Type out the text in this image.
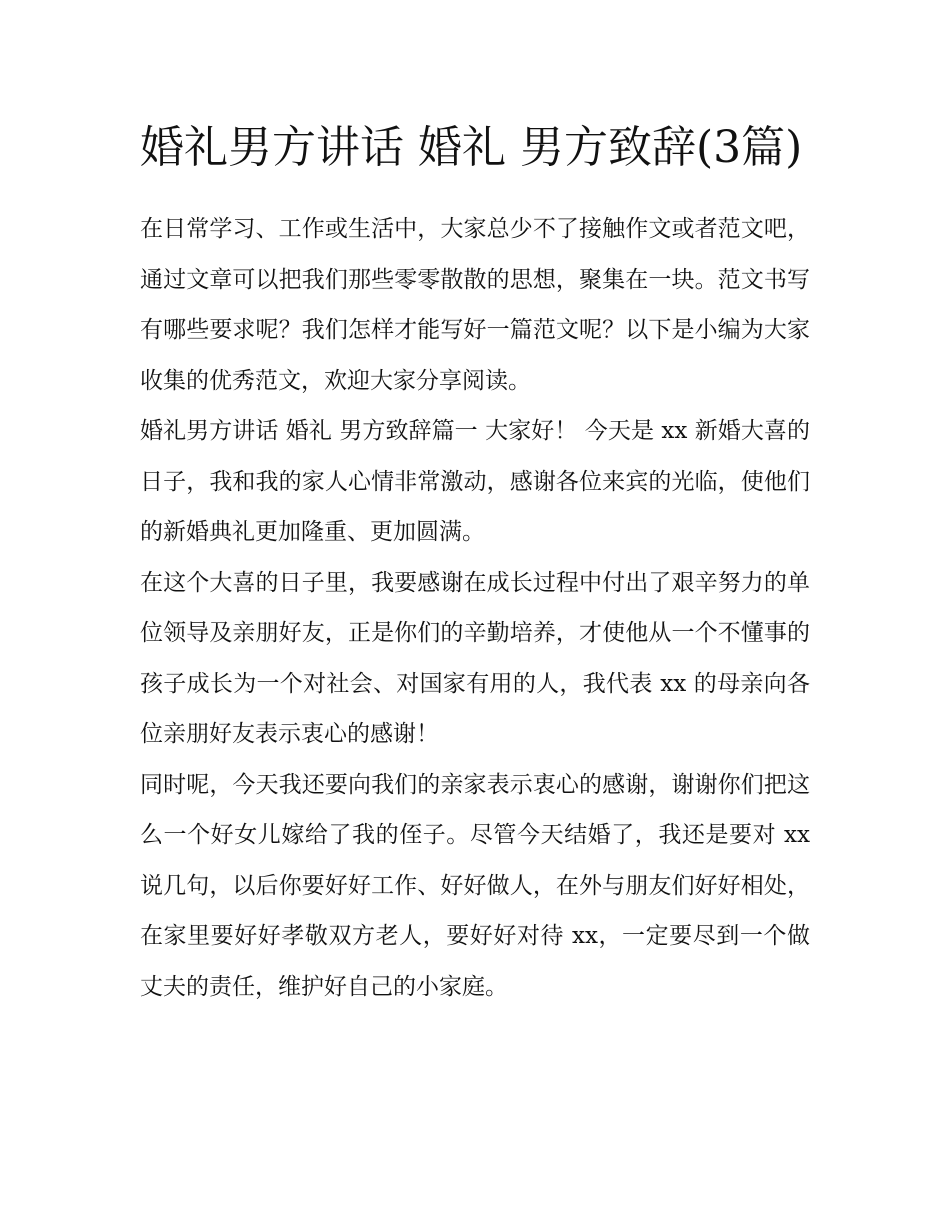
婚礼男方讲话 婚礼 男方致辞(3篇)

在日常学习、工作或生活中，大家总少不了接触作文或者范文吧，通过文章可以把我们那些零零散散的思想，聚集在一块。范文书写有哪些要求呢？我们怎样才能写好一篇范文呢？以下是小编为大家收集的优秀范文，欢迎大家分享阅读。

婚礼男方讲话 婚礼 男方致辞篇一 大家好！ 今天是 xx 新婚大喜的日子，我和我的家人心情非常激动，感谢各位来宾的光临，使他们的新婚典礼更加隆重、更加圆满。

在这个大喜的日子里，我要感谢在成长过程中付出了艰辛努力的单位领导及亲朋好友，正是你们的辛勤培养，才使他从一个不懂事的孩子成长为一个对社会、对国家有用的人，我代表 xx 的母亲向各位亲朋好友表示衷心的感谢！

同时呢，今天我还要向我们的亲家表示衷心的感谢，谢谢你们把这么一个好女儿嫁给了我的侄子。尽管今天结婚了，我还是要对 xx 说几句，以后你要好好工作、好好做人，在外与朋友们好好相处，在家里要好好孝敬双方老人，要好好对待 xx，一定要尽到一个做丈夫的责任，维护好自己的小家庭。
